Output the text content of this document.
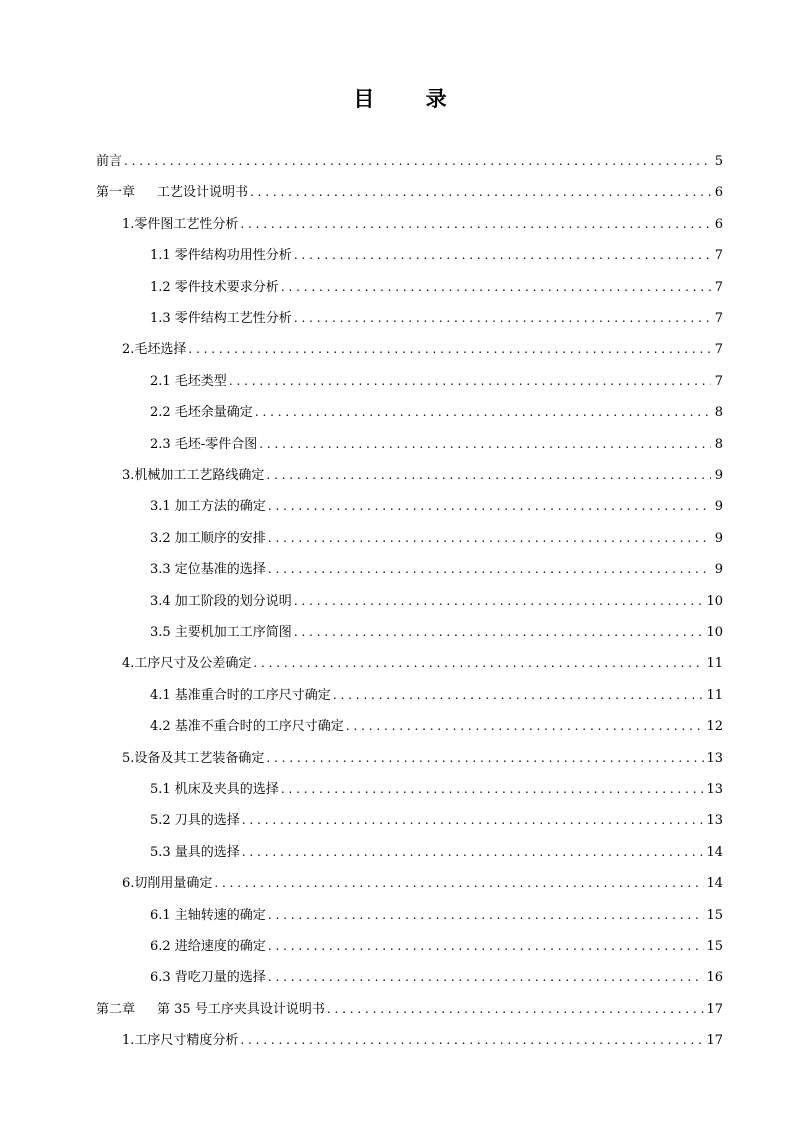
目 录
前言 . . .	5
第一章 工艺设计说明书 . . .	6
1.零件图工艺性分析 . . .	6
1.1 零件结构功用性分析 . . .	7
1.2 零件技术要求分析 . . .	7
1.3 零件结构工艺性分析 . . .	7
2.毛坯选择 . . .	7
2.1 毛坯类型 . . .	7
2.2 毛坯余量确定 . . .	8
2.3 毛坯-零件合图 . . .	8
3.机械加工工艺路线确定 . . .	9
3.1 加工方法的确定 . . .	9
3.2 加工顺序的安排 . . .	9
3.3 定位基准的选择 . . .	9
3.4 加工阶段的划分说明 . . .	10
3.5 主要机加工工序简图 . . .	10
4.工序尺寸及公差确定 . . .	11
4.1 基准重合时的工序尺寸确定 . . .	11
4.2 基准不重合时的工序尺寸确定 . . .	12
5.设备及其工艺装备确定 . . .	13
5.1 机床及夹具的选择 . . .	13
5.2 刀具的选择 . . .	13
5.3 量具的选择 . . .	14
6.切削用量确定 . . .	14
6.1 主轴转速的确定 . . .	15
6.2 进给速度的确定 . . .	15
6.3 背吃刀量的选择 . . .	16
第二章 第 35 号工序夹具设计说明书 . . .	17
1.工序尺寸精度分析 . . .	17
